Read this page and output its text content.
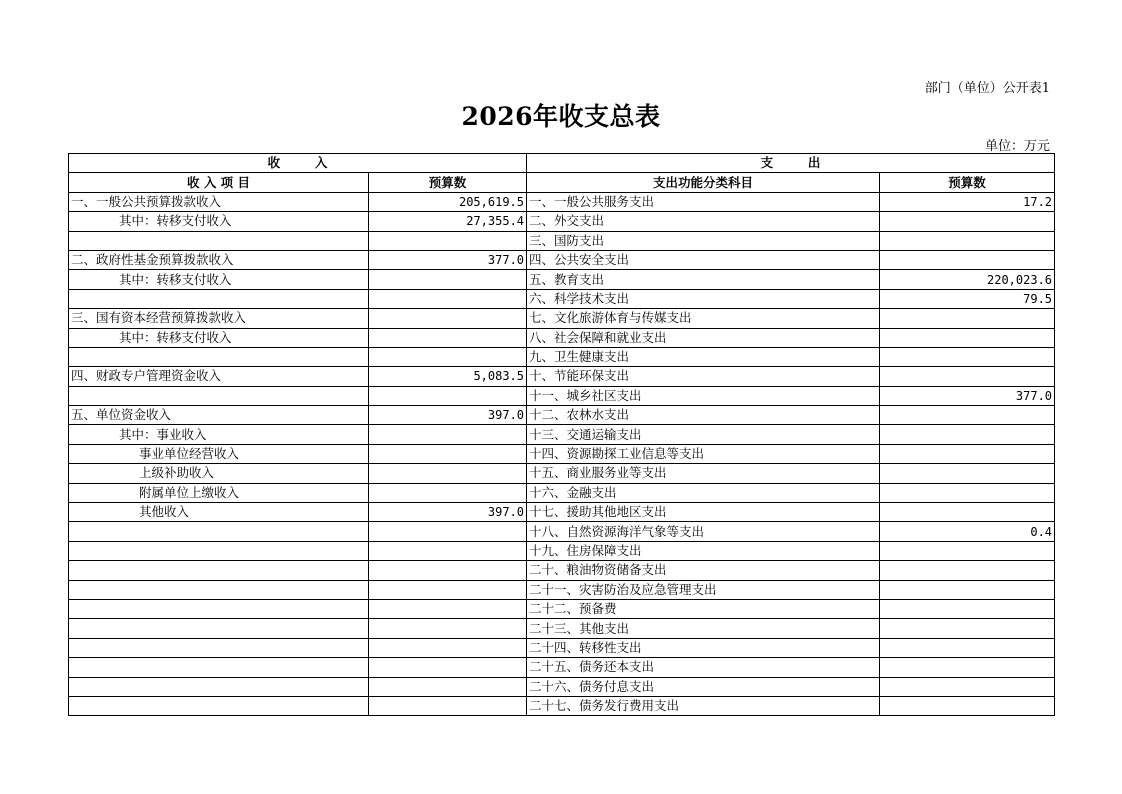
部门（单位）公开表1
2026年收支总表
单位：万元
收        入		支        出	
收 入 项 目	预算数	支出功能分类科目	预算数
一、一般公共预算拨款收入	205,619.5	一、一般公共服务支出	17.2
其中：转移支付收入	27,355.4	二、外交支出	
		三、国防支出	
二、政府性基金预算拨款收入	377.0	四、公共安全支出	
其中：转移支付收入		五、教育支出	220,023.6
		六、科学技术支出	79.5
三、国有资本经营预算拨款收入		七、文化旅游体育与传媒支出	
其中：转移支付收入		八、社会保障和就业支出	
		九、卫生健康支出	
四、财政专户管理资金收入	5,083.5	十、节能环保支出	
		十一、城乡社区支出	377.0
五、单位资金收入	397.0	十二、农林水支出	
其中：事业收入		十三、交通运输支出	
事业单位经营收入		十四、资源勘探工业信息等支出	
上级补助收入		十五、商业服务业等支出	
附属单位上缴收入		十六、金融支出	
其他收入	397.0	十七、援助其他地区支出	
		十八、自然资源海洋气象等支出	0.4
		十九、住房保障支出	
		二十、粮油物资储备支出	
		二十一、灾害防治及应急管理支出	
		二十二、预备费	
		二十三、其他支出	
		二十四、转移性支出	
		二十五、债务还本支出	
		二十六、债务付息支出	
		二十七、债务发行费用支出	
